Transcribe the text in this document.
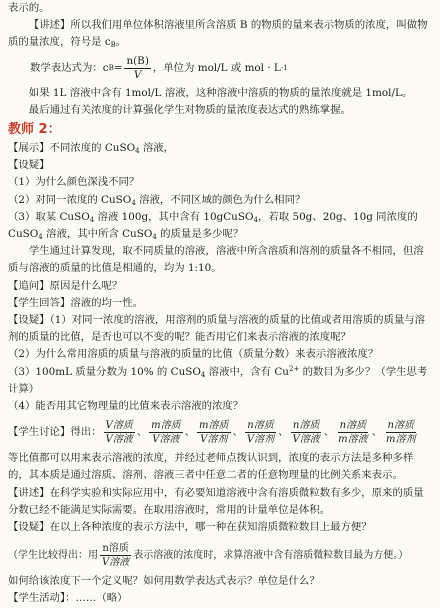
表示的。

【讲述】所以我们用单位体积溶液里所含溶质 B 的物质的量来表示物质的浓度，叫做物质的量浓度，符号是 $c_B$。

数学表达式为：c $B = \frac{n(B)}{V}$ ，单位为 mol/L 或 mol · L -1

如果 1L 溶液中含有 1mol/L 溶液，这种溶液中溶质的物质的量浓度就是 1mol/L。

最后通过有关浓度的计算强化学生对物质的量浓度表达式的熟练掌握。

教师 2：

【展示】不同浓度的 CuSO$_4$ 溶液，

【设疑】

（1）为什么颜色深浅不同？

（2）对同一浓度的 CuSO$_4$ 溶液，不同区域的颜色为什么相同？

（3）取某 CuSO$_4$ 溶液 100g，其中含有 10gCuSO$_4$，若取 50g、20g、10g 同浓度的 CuSO$_4$ 溶液，其中所含 CuSO$_4$ 的质量是多少呢？

学生通过计算发现，取不同质量的溶液，溶液中所含溶质和溶剂的质量各不相同，但溶质与溶液的质量的比值是相通的，均为 1:10。

【追问】原因是什么呢？

【学生回答】溶液的均一性。

【设疑】（1）对同一浓度的溶液，用溶剂的质量与溶液的质量的比值或者用溶质的质量与溶剂的质量的比值，是否也可以不变的呢？能否用它们来表示溶液的浓度呢？

（2）为什么常用溶质的质量与溶液的质量的比值（质量分数）来表示溶液浓度？

（3）100mL 质量分数为 10% 的 CuSO$_4$ 溶液中，含有 $Cu^{2+}$ 的数目为多少？（学生思考计算）

（4）能否用其它物理量的比值来表示溶液的浓度？

【学生讨论】得出： $\frac{\text{V溶质}}{\text{V溶液}}$ 、 $\frac{\text{m溶质}}{\text{V溶液}}$ 、 $\frac{\text{m溶质}}{\text{V溶剂}}$ 、 $\frac{\text{n溶质}}{\text{V溶剂}}$ 、 $\frac{\text{n溶质}}{\text{V溶液}}$ 、 $\frac{\text{n溶质}}{\text{m溶液}}$ 、 $\frac{\text{n溶质}}{\text{m溶剂}}$

等比值都可以用来表示溶液的浓度，并经过老师点拨认识到，浓度的表示方法是多种多样的，其本质是通过溶质、溶剂、溶液三者中任意二者的任意物理量的比例关系来表示。

【讲述】在科学实验和实际应用中，有必要知道溶液中含有溶质微粒数有多少，原来的质量

分数已经不能满足实际需要。在取用溶液时，常用的计量单位是体积。

【设疑】在以上各种浓度的表示方法中，哪一种在获知溶质微粒数目上最方便？

（学生比较得出：用 $\frac{\text{n溶质}}{\text{V溶液}}$ 表示溶液的浓度时，求算溶液中含有溶质微粒数目最为方便。）

如何给该浓度下一个定义呢？如何用数学表达式表示？单位是什么？

【学生活动】：……（略）
